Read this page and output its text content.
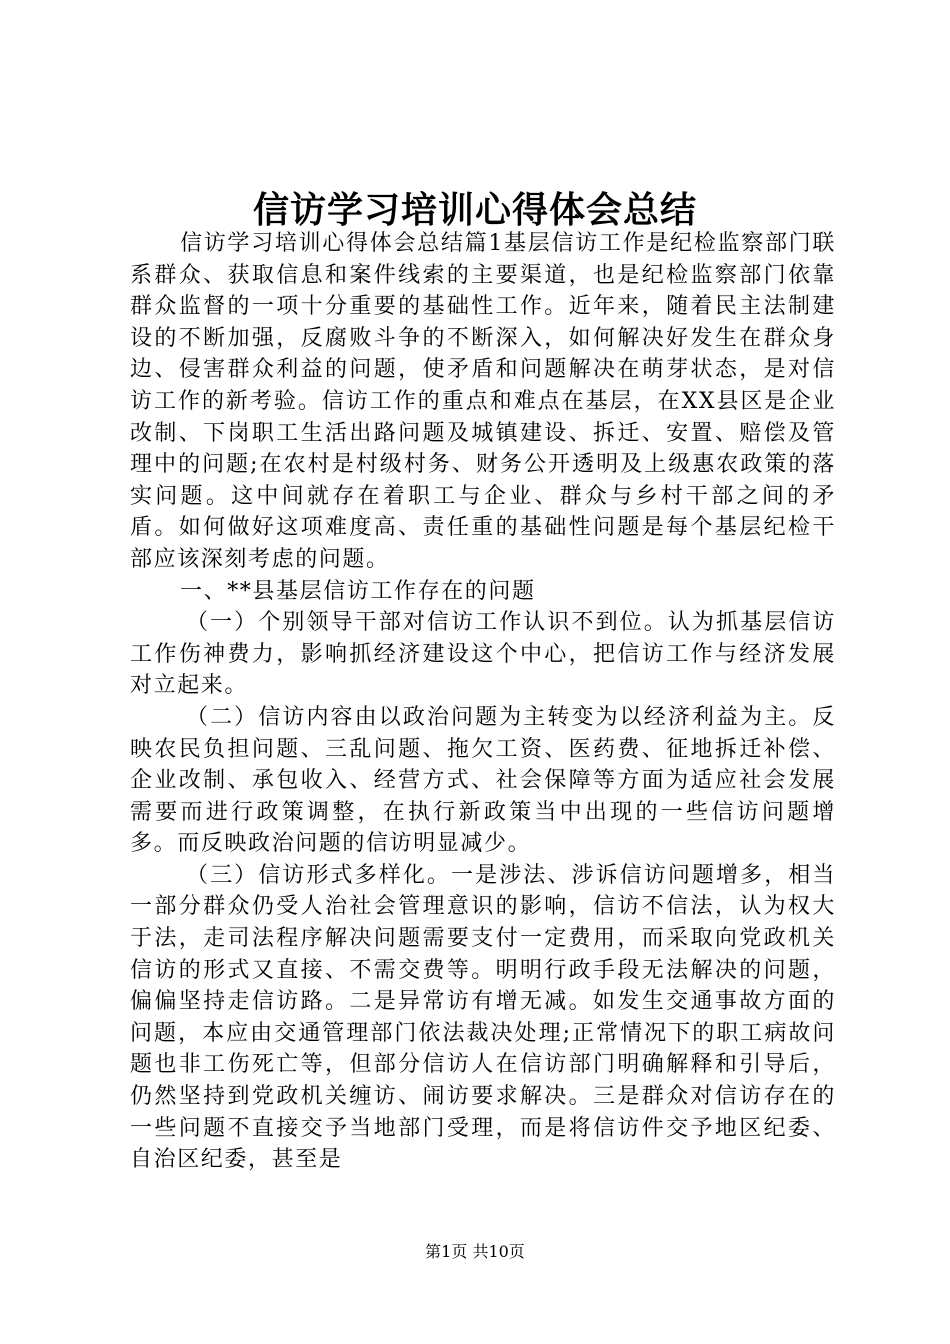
信访学习培训心得体会总结

信访学习培训心得体会总结篇1基层信访工作是纪检监察部门联系群众、获取信息和案件线索的主要渠道，也是纪检监察部门依靠群众监督的一项十分重要的基础性工作。近年来，随着民主法制建设的不断加强，反腐败斗争的不断深入，如何解决好发生在群众身边、侵害群众利益的问题，使矛盾和问题解决在萌芽状态，是对信访工作的新考验。信访工作的重点和难点在基层，在XX县区是企业改制、下岗职工生活出路问题及城镇建设、拆迁、安置、赔偿及管理中的问题;在农村是村级村务、财务公开透明及上级惠农政策的落实问题。这中间就存在着职工与企业、群众与乡村干部之间的矛盾。如何做好这项难度高、责任重的基础性问题是每个基层纪检干部应该深刻考虑的问题。

一、**县基层信访工作存在的问题

（一）个别领导干部对信访工作认识不到位。认为抓基层信访工作伤神费力，影响抓经济建设这个中心，把信访工作与经济发展对立起来。

（二）信访内容由以政治问题为主转变为以经济利益为主。反映农民负担问题、三乱问题、拖欠工资、医药费、征地拆迁补偿、企业改制、承包收入、经营方式、社会保障等方面为适应社会发展需要而进行政策调整，在执行新政策当中出现的一些信访问题增多。而反映政治问题的信访明显减少。

（三）信访形式多样化。一是涉法、涉诉信访问题增多，相当一部分群众仍受人治社会管理意识的影响，信访不信法，认为权大于法，走司法程序解决问题需要支付一定费用，而采取向党政机关信访的形式又直接、不需交费等。明明行政手段无法解决的问题，偏偏坚持走信访路。二是异常访有增无减。如发生交通事故方面的问题，本应由交通管理部门依法裁决处理;正常情况下的职工病故问题也非工伤死亡等，但部分信访人在信访部门明确解释和引导后，仍然坚持到党政机关缠访、闹访要求解决。三是群众对信访存在的一些问题不直接交予当地部门受理，而是将信访件交予地区纪委、自治区纪委，甚至是

第1页 共10页
